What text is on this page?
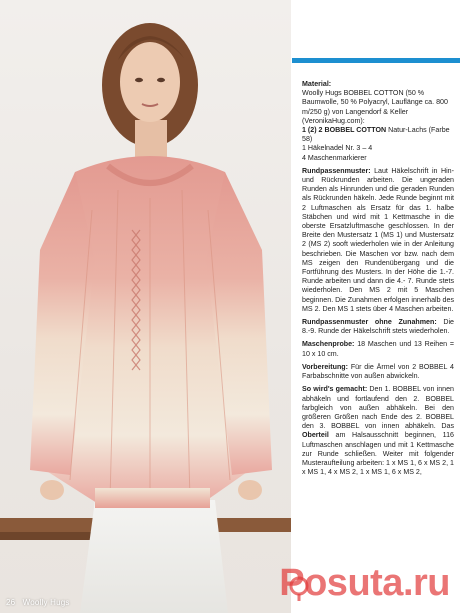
26 Woolly Hugs

Material:
Woolly Hugs BOBBEL COTTON (50 % Baumwolle, 50 % Polyacryl, Lauflänge ca. 800 m/250 g) von Langendorf & Keller (VeronikaHug.com):
1 (2) 2 BOBBEL COTTON Natur-Lachs (Farbe 58)
1 Häkelnadel Nr. 3 – 4
4 Maschenmarkierer

Rundpassenmuster: Laut Häkelschrift in Hin- und Rückrunden arbeiten. Die ungeraden Runden als Hinrunden und die geraden Runden als Rückrunden häkeln. Jede Runde beginnt mit 2 Luftmaschen als Ersatz für das 1. halbe Stäbchen und wird mit 1 Kettmasche in die oberste Ersatzluftmasche geschlossen. In der Breite den Mustersatz 1 (MS 1) und Mustersatz 2 (MS 2) sooft wiederholen wie in der Anleitung beschrieben. Die Maschen vor bzw. nach dem MS zeigen den Rundenübergang und die Fortführung des Musters. In der Höhe die 1.-7. Runde arbeiten und dann die 4.- 7. Runde stets wiederholen. Den MS 2 mit 5 Maschen beginnen. Die Zunahmen erfolgen innerhalb des MS 2. Den MS 1 stets über 4 Maschen arbeiten.

Rundpassenmuster ohne Zunahmen: Die 8.-9. Runde der Häkelschrift stets wiederholen.

Maschenprobe: 18 Maschen und 13 Reihen = 10 x 10 cm.

Vorbereitung: Für die Ärmel von 2 BOBBEL 4 Farbabschnitte von außen abwickeln.

So wird's gemacht: Den 1. BOBBEL von innen abhäkeln und fortlaufend den 2. BOBBEL farbgleich von außen abhäkeln. Bei den größeren Größen nach Ende des 2. BOBBEL den 3. BOBBEL von innen abhäkeln. Das Oberteil am Halsausschnitt beginnen, 116 Luftmaschen anschlagen und mit 1 Kettmasche zur Runde schließen. Weiter mit folgender Musteraufteilung arbeiten: 1 x MS 1, 6 x MS 2, 1 x MS 1, 4 x MS 2, 1 x MS 1, 6 x MS 2,

Posuta.ru
